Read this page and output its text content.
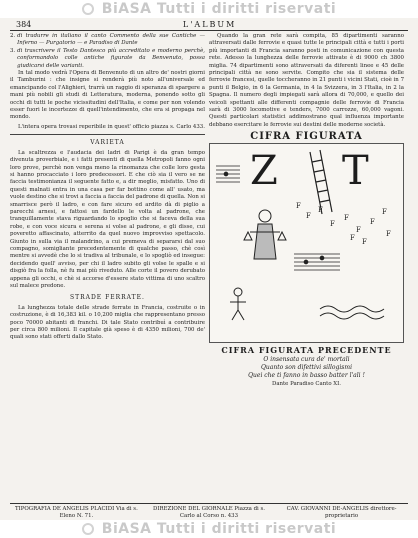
BiASA Tutti i diritti riservati
384	L'ALBUM
2. di tradurre in italiano il canto Commento della sue Cantiche — Inferno — Purgatorio — e Paradiso di Dante
3. di trascrivere il Testo Dantesco più accreditato e moderno perchè, conformandolo colle antiche figurate da Benvenuto, possa giudicarsi delle varianti.

In tal modo vedrà l'Opera di Benvenuto di un altro de' nostri giorni il Tamburini : che insigne si renderà più noto all'universale ed emancipando col l'Alighieri, trarrà un raggio di speranza di spargere a mani più nobili gli studi di Letteratura, moderna, ponendo sotto gli occhi di tutti le poche vicissitudini dell'Italia, e come per non volendo esser fuori le incertezze di quell'intendimento, che era si propaga nel mondo.

L'intera opera trovasi reperibile in quest' officio piazza s. Carlo 433.

VARIETA

La scaltrezza e l'audacia dei ladri di Parigi è da gran tempo divenuta proverbiale, e i fatti presenti di quella Metropoli fanno ogni loro prove, perchè non venga meno la rinomanza che colle loro gesta si hanno procacciato i loro predecessori. E che ciò sia il vero se ne faccia testimonianza il seguente fatto e, a dir meglio, misfatto. Uno di questi malnati entra in una casa per far bottino come all' usato, ma vuole destino che si trovi a faccia a faccia del padrone di quella. Non si smarrisce però il ladro, e con fare sicuro ed ardito dà di piglio a parecchi arnesi, e fattosi un fardello le volta al padrone, che tranquillamente stava riguardando lo spoglio che si faceva della sua robe, e con voce sicura e serena si volse al padrone, e gli disse, cui poveretto affascinato, atterrito da quel nuovo improvviso spettacolo. Giunto in sulla via il malandrino, a cui premeva di separarsi dal suo compagno, somigliante precedentemente di qualche passo, chè così mentre si avvedè che lo si tradiva al tribunale, e lo spogliò ed insegue: decidendo quell' avviso, per chi il ladro subito gli volse le spalle e si disgiò fra la folla, nè fu mai più riveduto. Alle corte il povero derubato appena gli occhi, e chè si accorse d'essere stato vittima di uno scaltro sul malece predone.

STRADE FERRATE.

La lunghezza totale delle strade ferrate in Francia, costruite o in costruzione, è di 16,383 kil. o 10,200 miglia che rappresentano presso poco 70000 abitanti di franchi. Di tale Stato contribuì a contribuire per circa 800 milioni. Il capitale già speso è di 4350 milioni, 700 de' quali sono stati offerti dallo Stato.

Quando la gran rete sarà compita, 85 dipartimenti saranno attraversati dalle ferrovie e quasi tutte le principali città e tutti i porti più importanti di Francia saranno posti in comunicazione con questa rete. Adesso la lunghezza delle ferrovie attivate è di 9000 ch 3800 miglia. 74 dipartimenti sono attraversati da diferenti linee e 45 delle principali città ne sono servite. Compito che sia il sistema delle ferrovie francesi, quelle toccheranno in 21 punti i vicini Stati, cioè in 7 punti il Belgio, in 6 la Germania, in 4 la Svizzera, in 3 l'Italia, in 2 la Spagna. Il numero degli impiegati sarà allora di 70,000, e quello dei veicoli spettanti alle differenti compagnie delle ferrovie di Francia sarà di 3000 locomotive e tenders, 7000 carrozze, 60,000 vagoni. Questi particolari statistici addimostrano qual influenza importante debbano esercitare le ferrovie sui destini delle moderne società.

CIFRA FIGURATA
Z T
F
F
F
F
F
F
F
F
F
F
F
CIFRA FIGURATA PRECEDENTE
O insensata cura de' mortali
Quanto son difettivi sillogismi
Quei che ti fanno in basso batter l'ali !
Dante Paradiso Canto XI.
TIPOGRAFIA DE ANGELIS PLACIDI Via di s. Eleno N. 71.
DIREZIONE DEL GIORNALE Piazza di s. Carlo al Corso n. 433
CAV. GIOVANNI DE-ANGELIS direttore-proprietario
BiASA Tutti i diritti riservati
